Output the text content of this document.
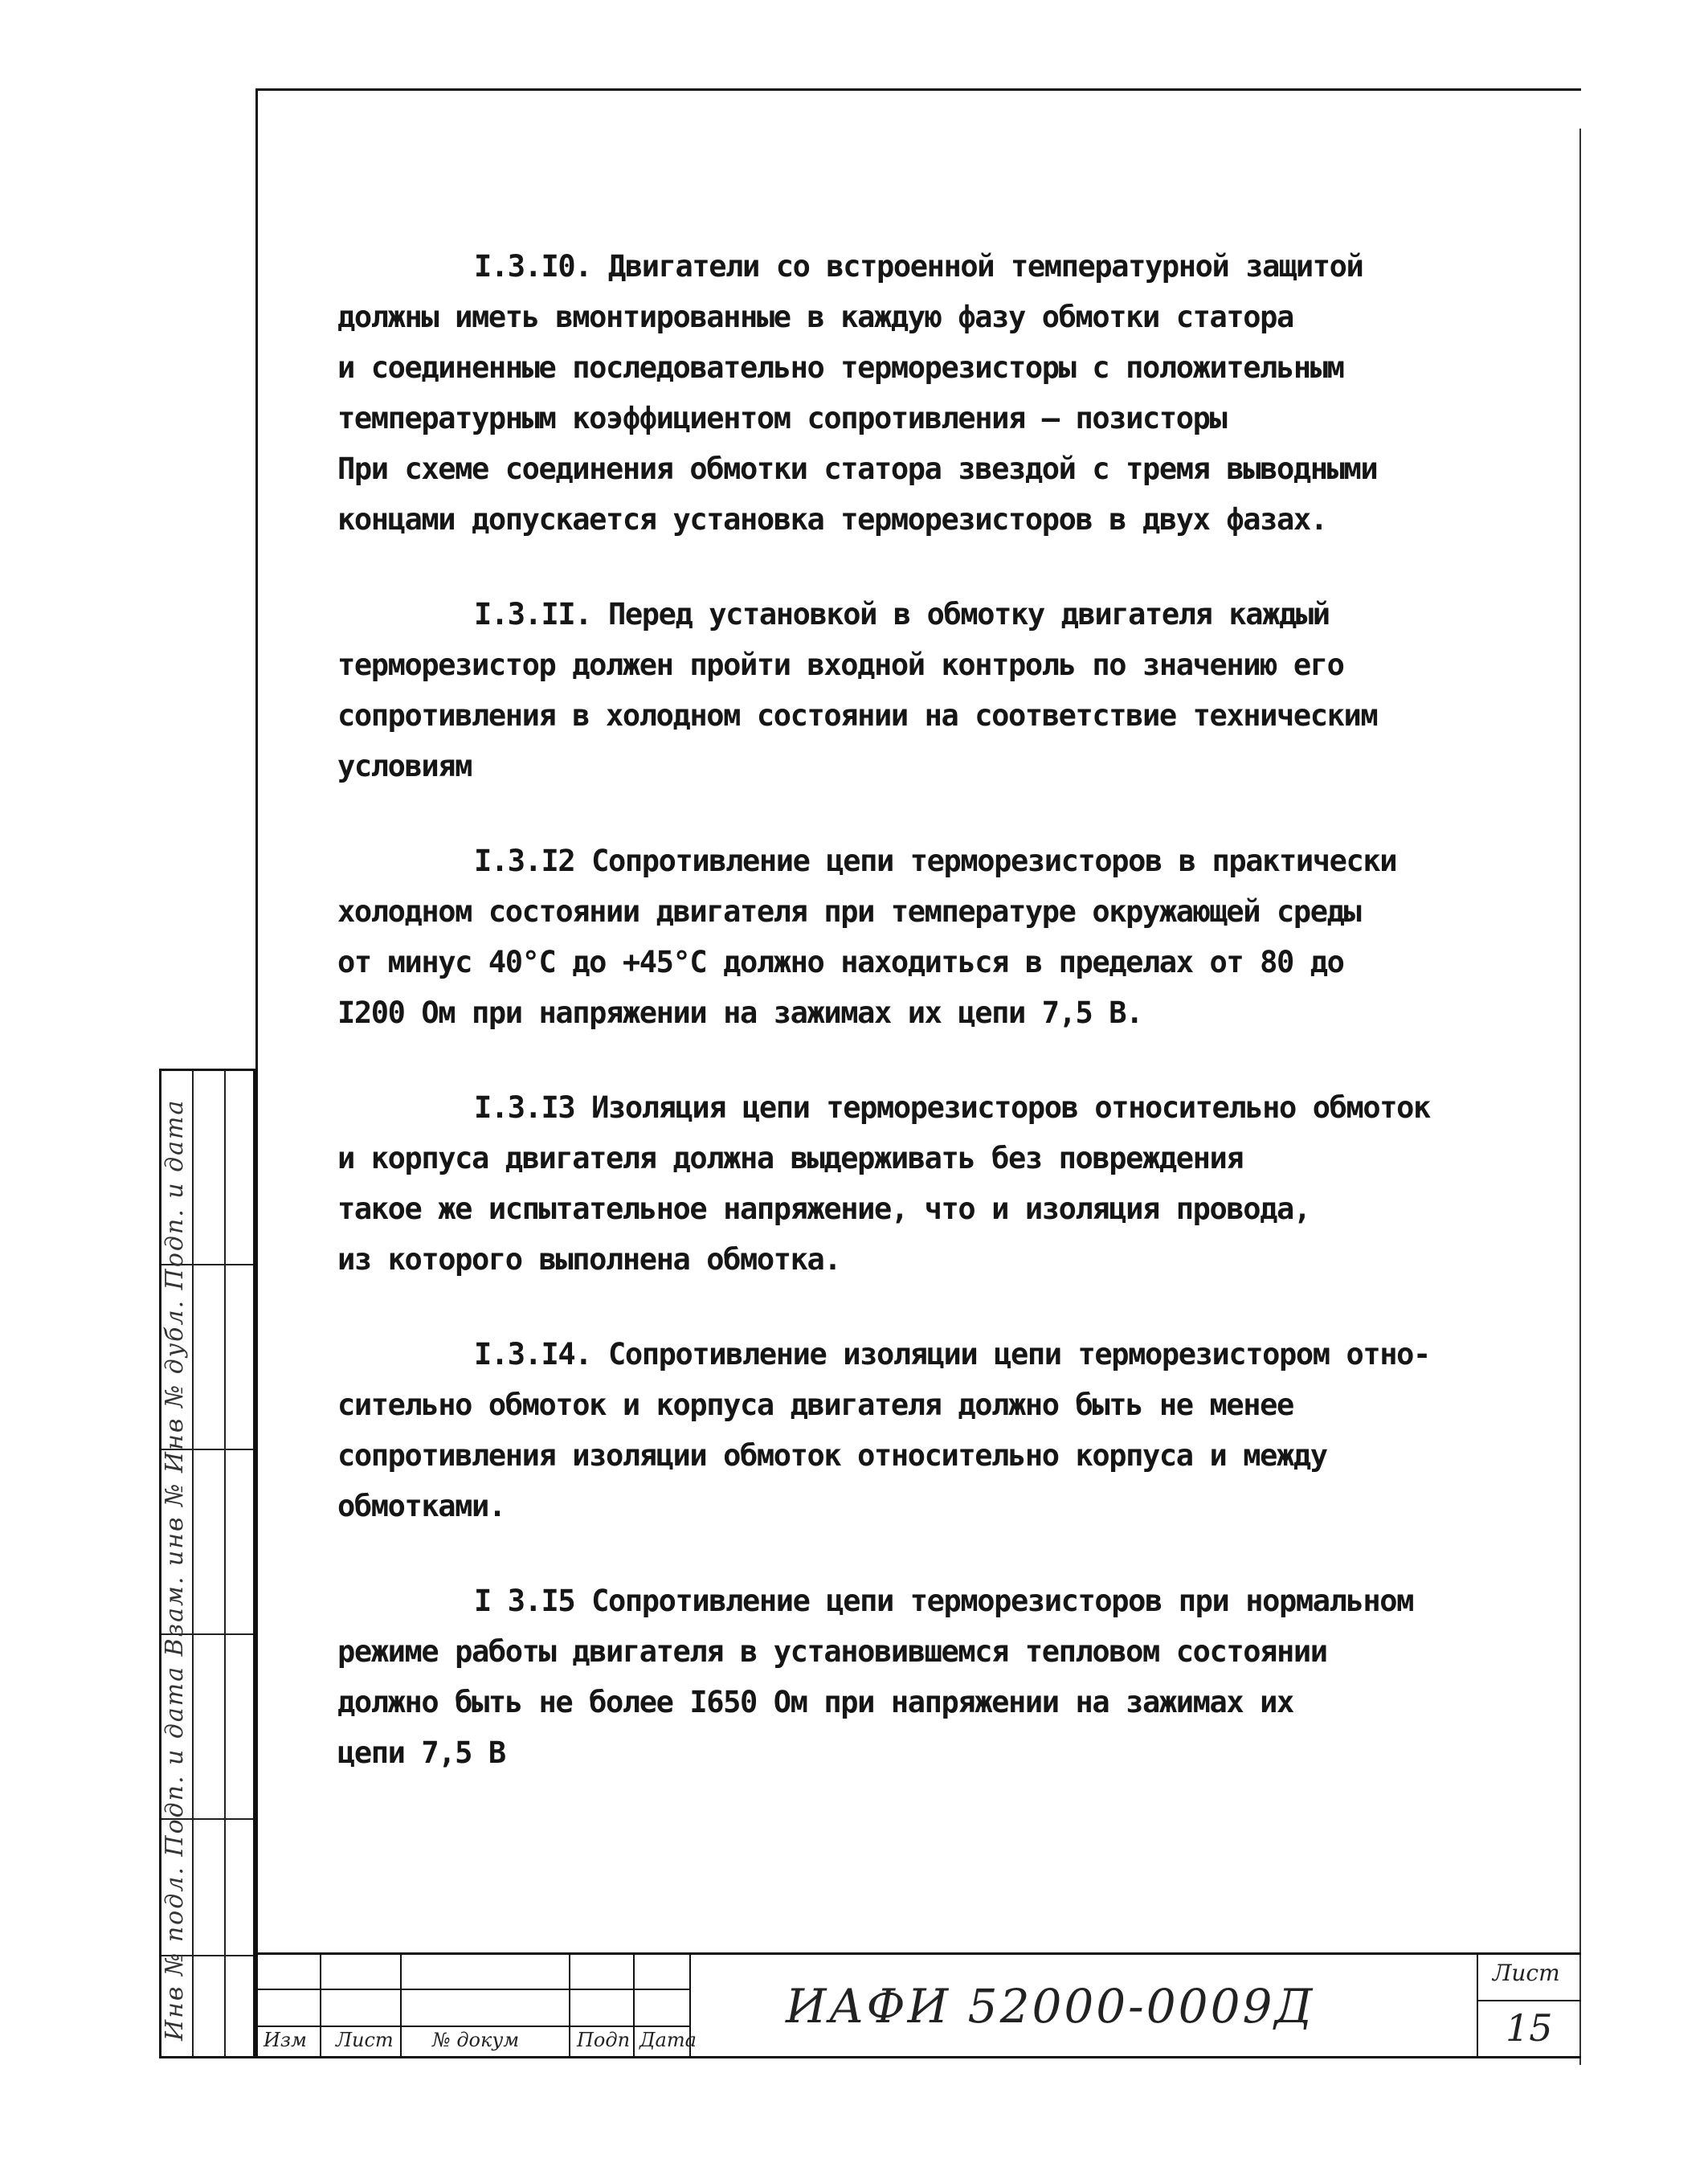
I.3.I0. Двигатели со встроенной температурной защитой
должны иметь вмонтированные в каждую фазу обмотки статора
и соединенные последовательно терморезисторы с положительным
температурным коэффициентом сопротивления – позисторы
При схеме соединения обмотки статора звездой с тремя выводными
концами допускается установка терморезисторов в двух фазах.
I.3.II. Перед установкой в обмотку двигателя каждый
терморезистор должен пройти входной контроль по значению его
сопротивления в холодном состоянии на соответствие техническим
условиям
I.3.I2 Сопротивление цепи терморезисторов в практически
холодном состоянии двигателя при температуре окружающей среды
от минус 40°C до +45°C должно находиться в пределах от 80 до
I200 Ом при напряжении на зажимах их цепи 7,5 В.
I.3.I3 Изоляция цепи терморезисторов относительно обмоток
и корпуса двигателя должна выдерживать без повреждения
такое же испытательное напряжение, что и изоляция провода,
из которого выполнена обмотка.
I.3.I4. Сопротивление изоляции цепи терморезистором отно-
сительно обмоток и корпуса двигателя должно быть не менее
сопротивления изоляции обмоток относительно корпуса и между
обмотками.
I 3.I5 Сопротивление цепи терморезисторов при нормальном
режиме работы двигателя в установившемся тепловом состоянии
должно быть не более I650 Ом при напряжении на зажимах их
цепи 7,5 В
Инв № подл. Подп. и дата Взам. инв № Инв № дубл. Подп. и дата	ИАФИ 52000-0009Д
Лист
15
Изм Лист № докум	Подп Дата
